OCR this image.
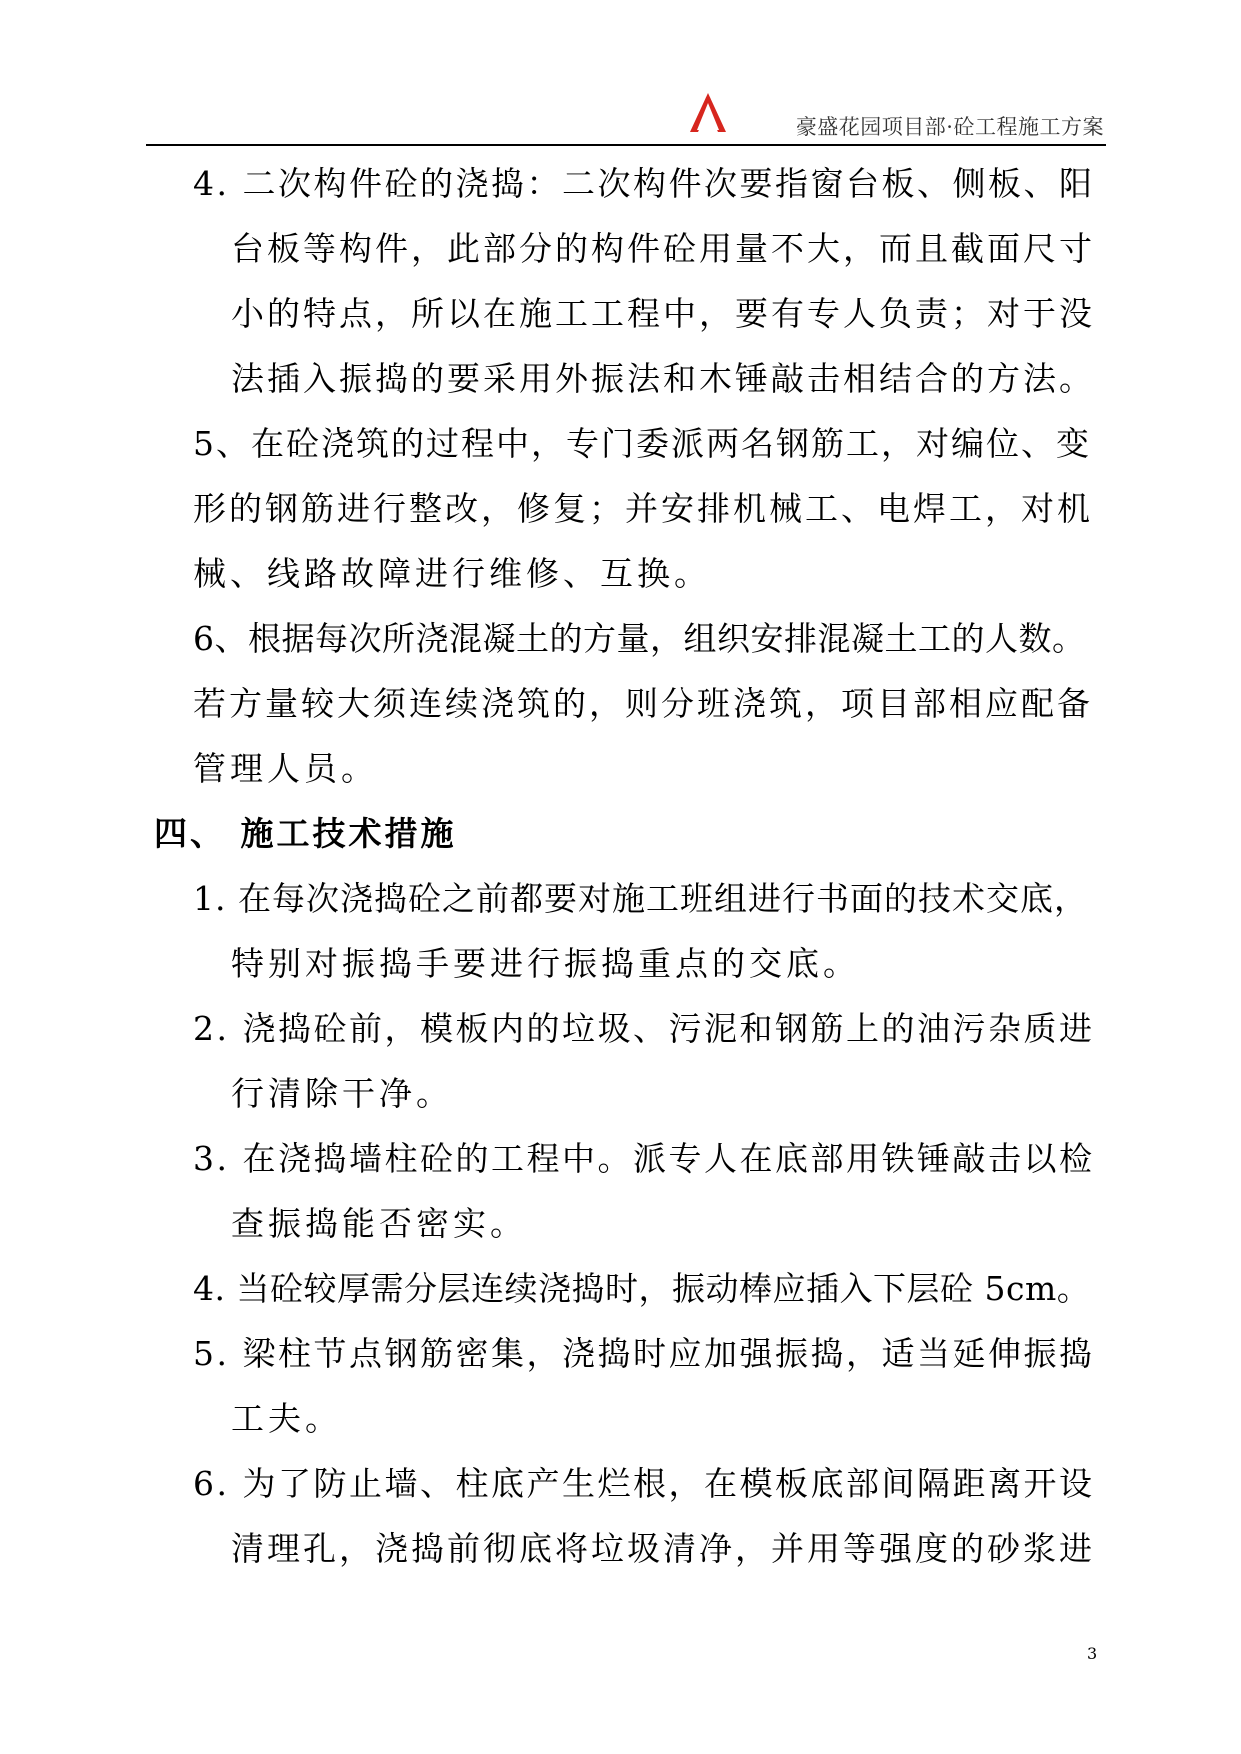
豪盛花园项目部·砼工程施工方案
4. 二次构件砼的浇捣：二次构件次要指窗台板、侧板、阳
台板等构件，此部分的构件砼用量不大，而且截面尺寸
小的特点，所以在施工工程中，要有专人负责；对于没
法插入振捣的要采用外振法和木锤敲击相结合的方法。
5、在砼浇筑的过程中，专门委派两名钢筋工，对编位、变
形的钢筋进行整改，修复；并安排机械工、电焊工，对机
械、线路故障进行维修、互换。
6、根据每次所浇混凝土的方量，组织安排混凝土工的人数。
若方量较大须连续浇筑的，则分班浇筑，项目部相应配备
管理人员。
四、 施工技术措施
1. 在每次浇捣砼之前都要对施工班组进行书面的技术交底，
特别对振捣手要进行振捣重点的交底。
2. 浇捣砼前，模板内的垃圾、污泥和钢筋上的油污杂质进
行清除干净。
3. 在浇捣墙柱砼的工程中。派专人在底部用铁锤敲击以检
查振捣能否密实。
4. 当砼较厚需分层连续浇捣时，振动棒应插入下层砼 5cm。
5. 梁柱节点钢筋密集，浇捣时应加强振捣，适当延伸振捣
工夫。
6. 为了防止墙、柱底产生烂根，在模板底部间隔距离开设
清理孔，浇捣前彻底将垃圾清净，并用等强度的砂浆进
3
